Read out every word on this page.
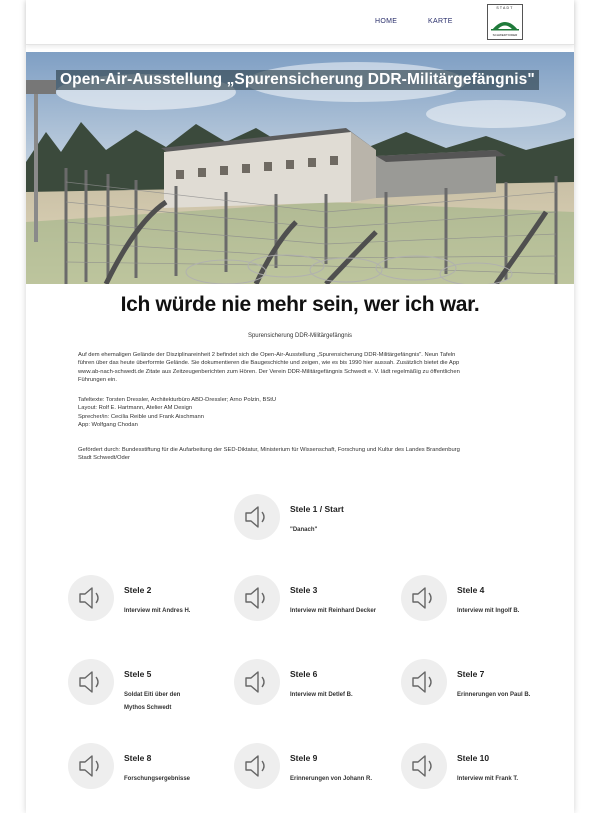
HOME	KARTE
STADT
SCHWEDT/ODER
Open-Air-Ausstellung „Spurensicherung DDR-Militärgefängnis"
Ich würde nie mehr sein, wer ich war.
Spurensicherung DDR-Militärgefängnis
Auf dem ehemaligen Gelände der Disziplinareinheit 2 befindet sich die Open-Air-Ausstellung „Spurensicherung DDR-Militärgefängnis". Neun Tafeln
führen über das heute überformte Gelände. Sie dokumentieren die Baugeschichte und zeigen, wie es bis 1990 hier aussah. Zusätzlich bietet die App
www.ab-nach-schwedt.de Zitate aus Zeitzeugenberichten zum Hören. Der Verein DDR-Militärgefängnis Schwedt e. V. lädt regelmäßig zu öffentlichen
Führungen ein.
Tafeltexte: Torsten Dressler, Architekturbüro ABD-Dressler; Arno Polzin, BStU
Layout: Rolf E. Hartmann, Atelier AM Design
Sprecher/in: Cecilia Reible und Frank Aischmann
App: Wolfgang Chodan
Gefördert durch: Bundesstiftung für die Aufarbeitung der SED-Diktatur, Ministerium für Wissenschaft, Forschung und Kultur des Landes Brandenburg
Stadt Schwedt/Oder
Stele 1 / Start
"Danach"
Stele 2
Interview mit Andres H.
Stele 3
Interview mit Reinhard Decker
Stele 4
Interview mit Ingolf B.
Stele 5
Soldat Eiti über den
Mythos Schwedt
Stele 6
Interview mit Detlef B.
Stele 7
Erinnerungen von Paul B.
Stele 8
Forschungsergebnisse
Stele 9
Erinnerungen von Johann R.
Stele 10
Interview mit Frank T.
